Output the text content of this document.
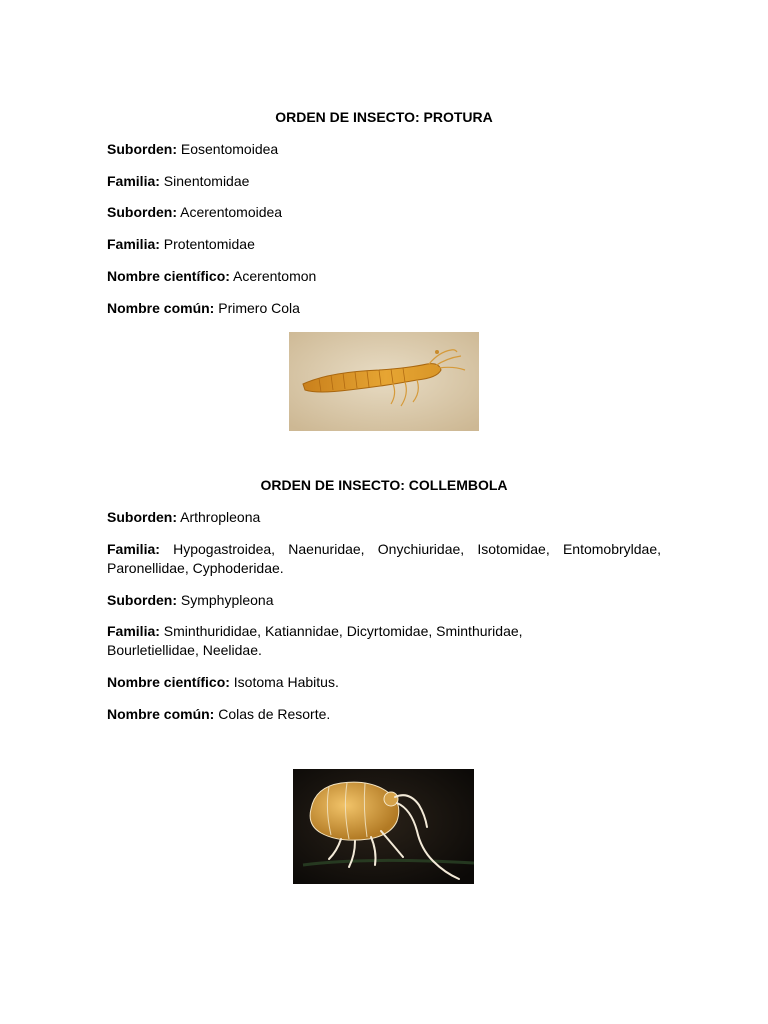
ORDEN DE INSECTO: PROTURA
Suborden: Eosentomoidea
Familia: Sinentomidae
Suborden: Acerentomoidea
Familia: Protentomidae
Nombre científico: Acerentomon
Nombre común: Primero Cola
ORDEN DE INSECTO: COLLEMBOLA
Suborden: Arthropleona
Familia: Hypogastroidea, Naenuridae, Onychiuridae, Isotomidae, Entomobryldae, Paronellidae, Cyphoderidae.
Suborden: Symphypleona
Familia: Sminthurididae, Katiannidae, Dicyrtomidae, Sminthuridae, Bourletiellidae, Neelidae.
Nombre científico: Isotoma Habitus.
Nombre común: Colas de Resorte.
